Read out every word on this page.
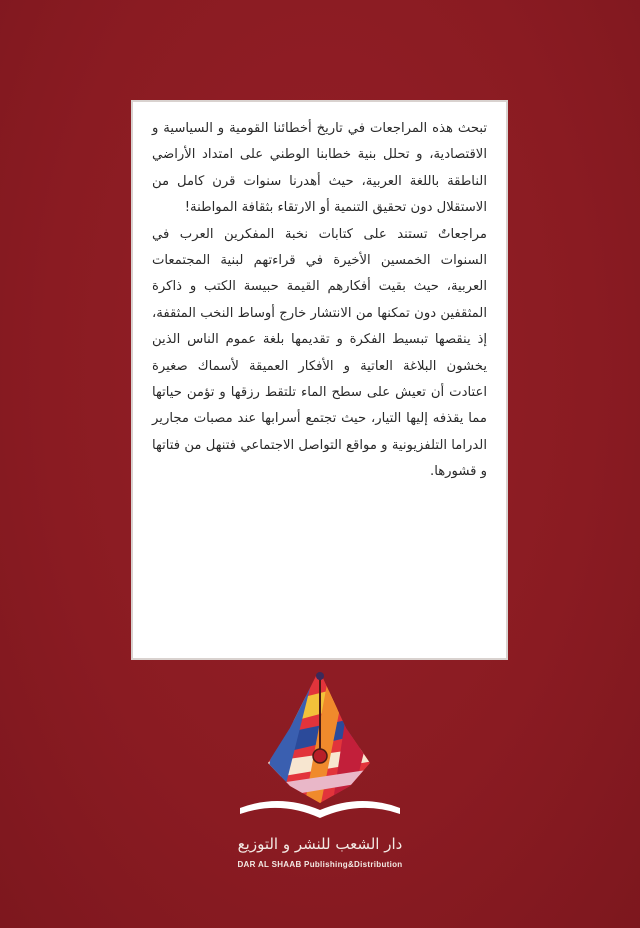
تبحث هذه المراجعات في تاريخ أخطائنا القومية و السياسية و الاقتصادية، و تحلل بنية خطابنا الوطني على امتداد الأراضي الناطقة باللغة العربية، حيث أهدرنا سنوات قرن كامل من الاستقلال دون تحقيق التنمية أو الارتقاء بثقافة المواطنة!

مراجعاتٌ تستند على كتابات نخبة المفكرين العرب في السنوات الخمسين الأخيرة في قراءتهم لبنية المجتمعات العربية، حيث بقيت أفكارهم القيمة حبيسة الكتب و ذاكرة المثقفين دون تمكنها من الانتشار خارج أوساط النخب المثقفة، إذ ينقصها تبسيط الفكرة و تقديمها بلغة عموم الناس الذين يخشون البلاغة العاتية و الأفكار العميقة لأسماك صغيرة اعتادت أن تعيش على سطح الماء تلتقط رزقها و تؤمن حياتها مما يقذفه إليها التيار، حيث تجتمع أسرابها عند مصبات مجارير الدراما التلفزيونية و مواقع التواصل الاجتماعي فتنهل من فتاتها و قشورها.

دار الشعب للنشر و التوزيع
DAR AL SHAAB Publishing&Distribution
